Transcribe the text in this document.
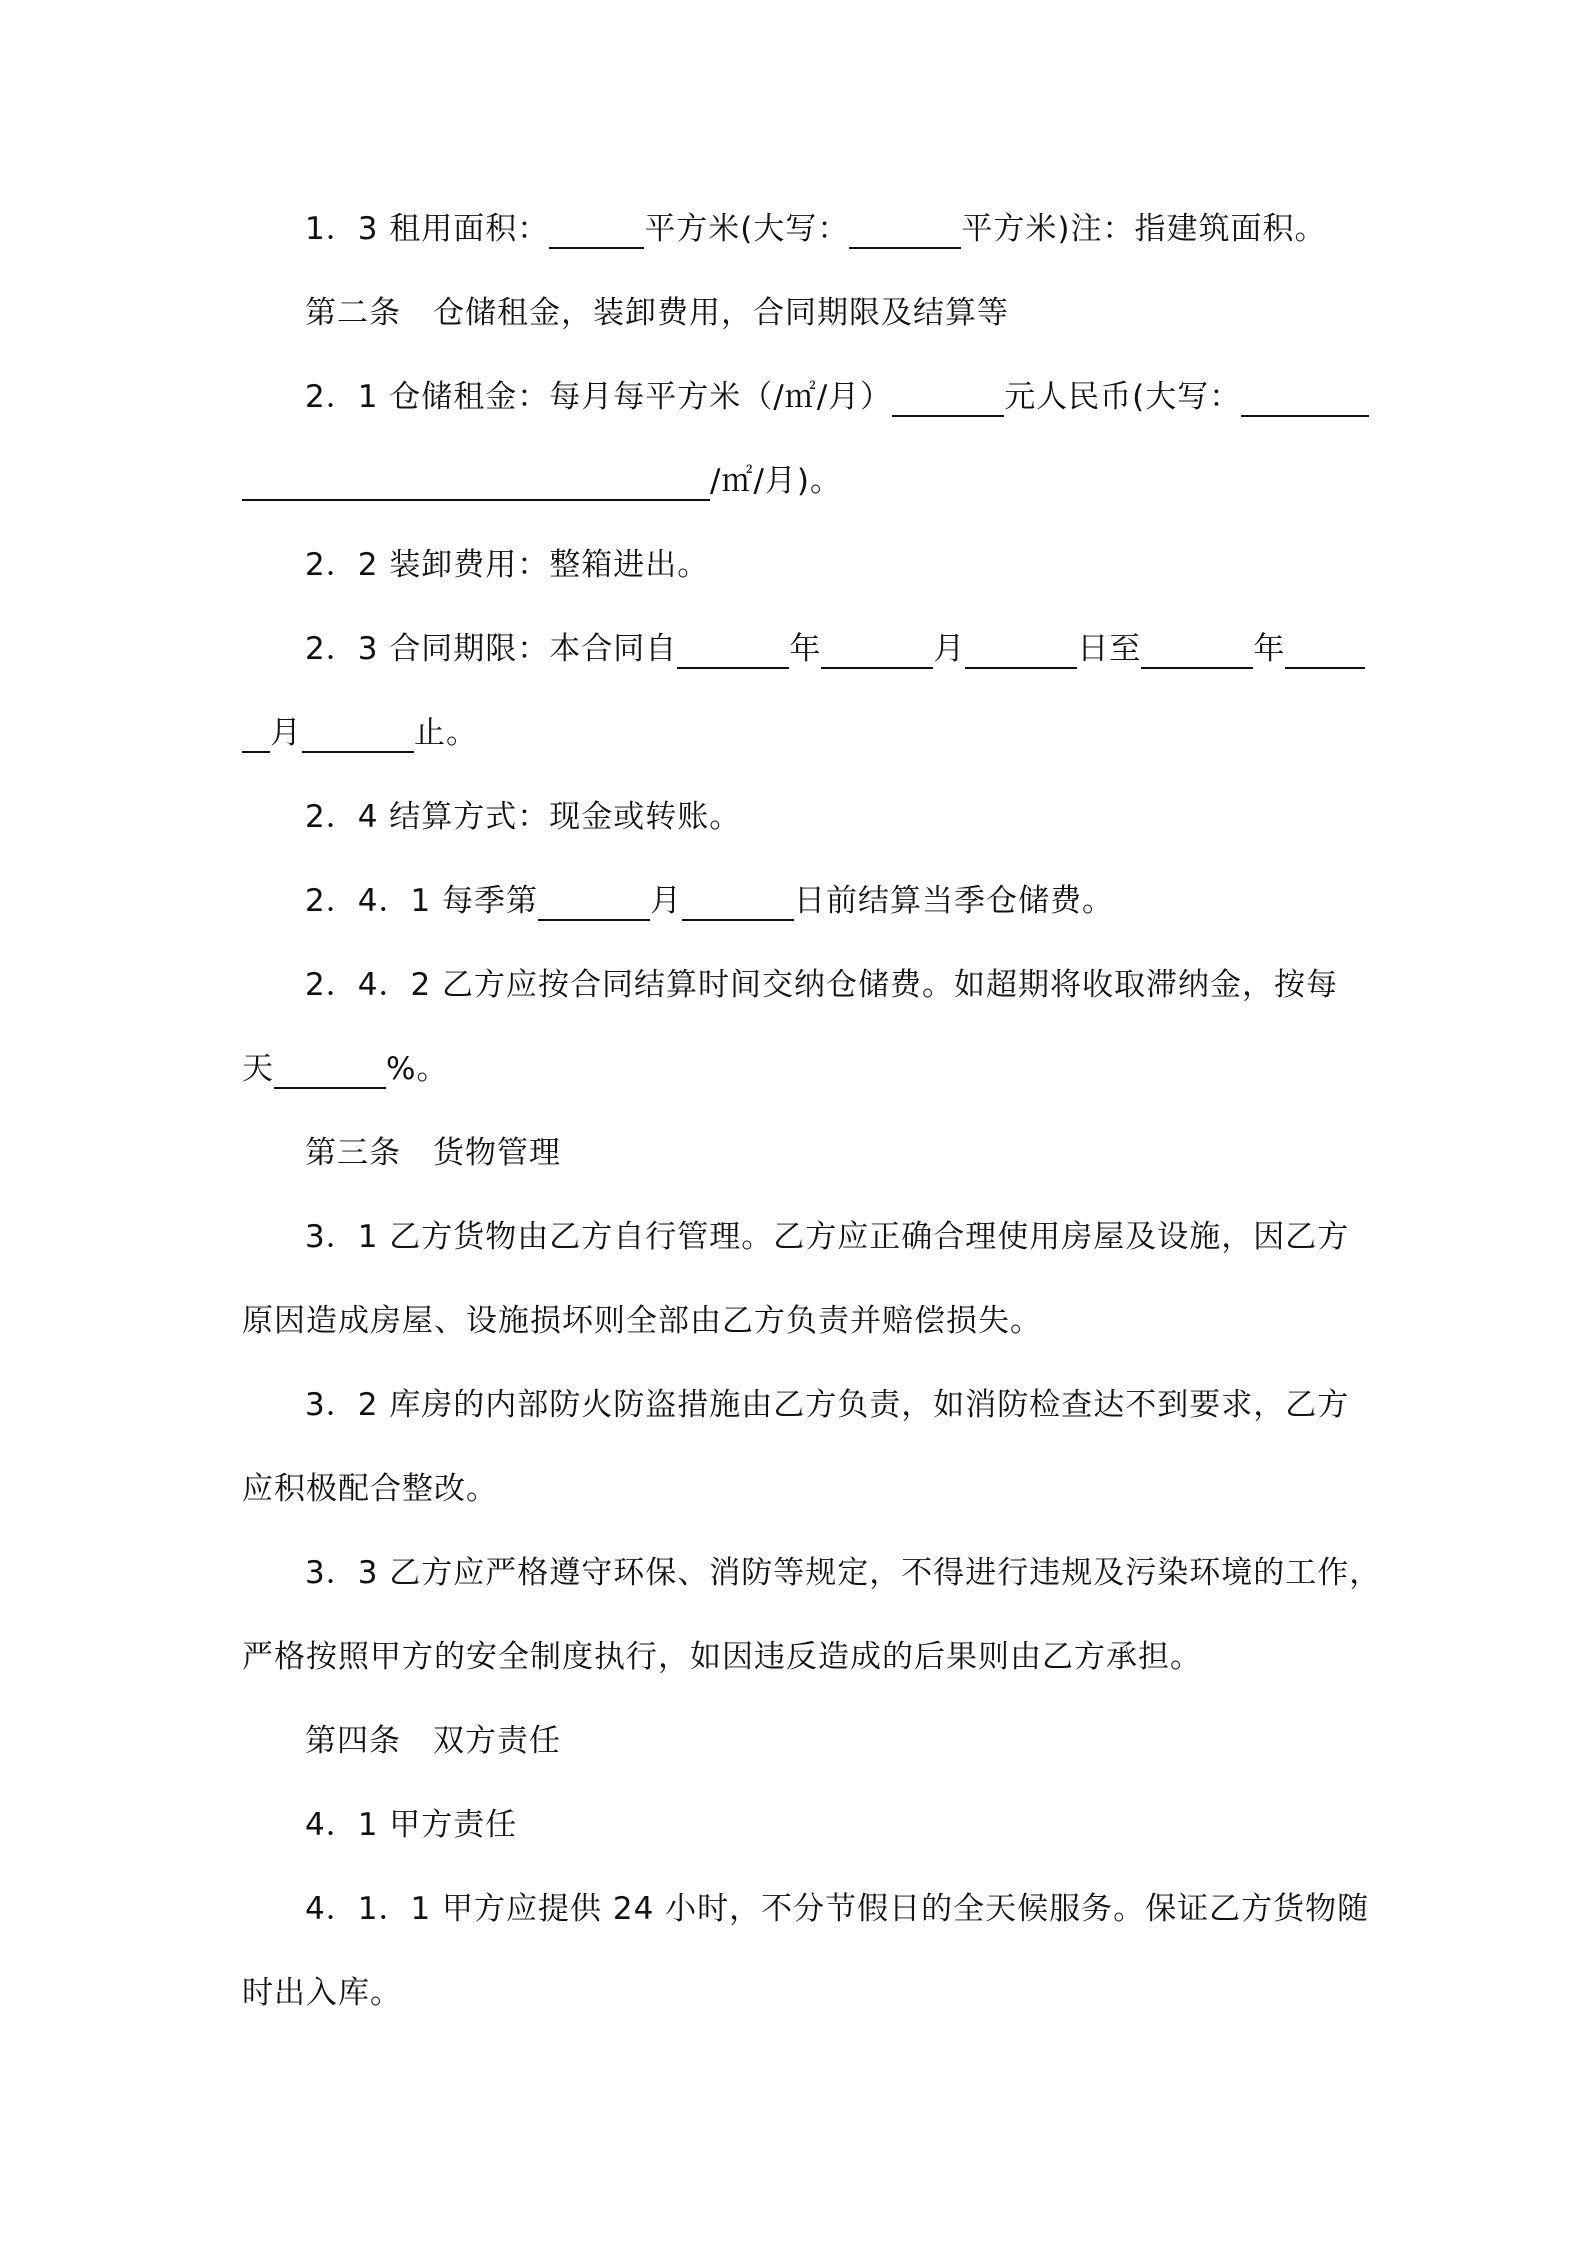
1．3 租用面积：	平方米(大写：	平方米)注：指建筑面积。
第二条 仓储租金，装卸费用，合同期限及结算等
2．1 仓储租金：每月每平方米（/㎡/月）	元人民币(大写：
/㎡/月)。
2．2 装卸费用：整箱进出。
2．3 合同期限：本合同自	年	月	日至	年
月	止。
2．4 结算方式：现金或转账。
2．4．1 每季第	月	日前结算当季仓储费。
2．4．2 乙方应按合同结算时间交纳仓储费。如超期将收取滞纳金，按每
天	%。
第三条 货物管理
3．1 乙方货物由乙方自行管理。乙方应正确合理使用房屋及设施，因乙方
原因造成房屋、设施损坏则全部由乙方负责并赔偿损失。
3．2 库房的内部防火防盗措施由乙方负责，如消防检查达不到要求，乙方
应积极配合整改。
3．3 乙方应严格遵守环保、消防等规定，不得进行违规及污染环境的工作，
严格按照甲方的安全制度执行，如因违反造成的后果则由乙方承担。
第四条 双方责任
4．1 甲方责任
4．1．1 甲方应提供 24 小时，不分节假日的全天候服务。保证乙方货物随
时出入库。
